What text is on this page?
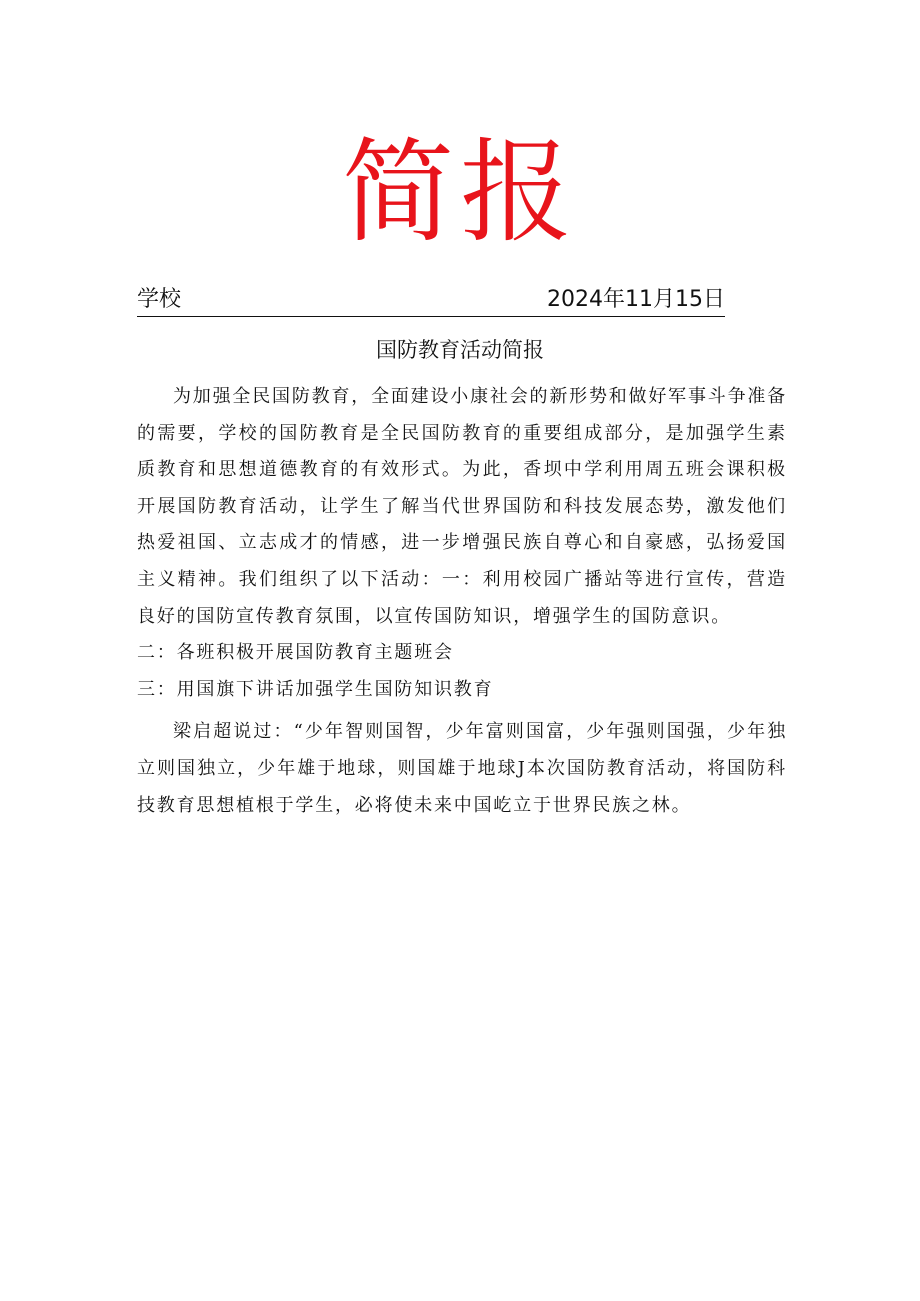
简报
学校	2024年11月15日
国防教育活动简报

为加强全民国防教育，全面建设小康社会的新形势和做好军事斗争准备的需要，学校的国防教育是全民国防教育的重要组成部分，是加强学生素质教育和思想道德教育的有效形式。为此，香坝中学利用周五班会课积极开展国防教育活动，让学生了解当代世界国防和科技发展态势，激发他们热爱祖国、立志成才的情感，进一步增强民族自尊心和自豪感，弘扬爱国主义精神。我们组织了以下活动：一：利用校园广播站等进行宣传，营造良好的国防宣传教育氛围，以宣传国防知识，增强学生的国防意识。

二：各班积极开展国防教育主题班会

三：用国旗下讲话加强学生国防知识教育

梁启超说过：“少年智则国智，少年富则国富，少年强则国强，少年独立则国独立，少年雄于地球，则国雄于地球J本次国防教育活动，将国防科技教育思想植根于学生，必将使未来中国屹立于世界民族之林。
